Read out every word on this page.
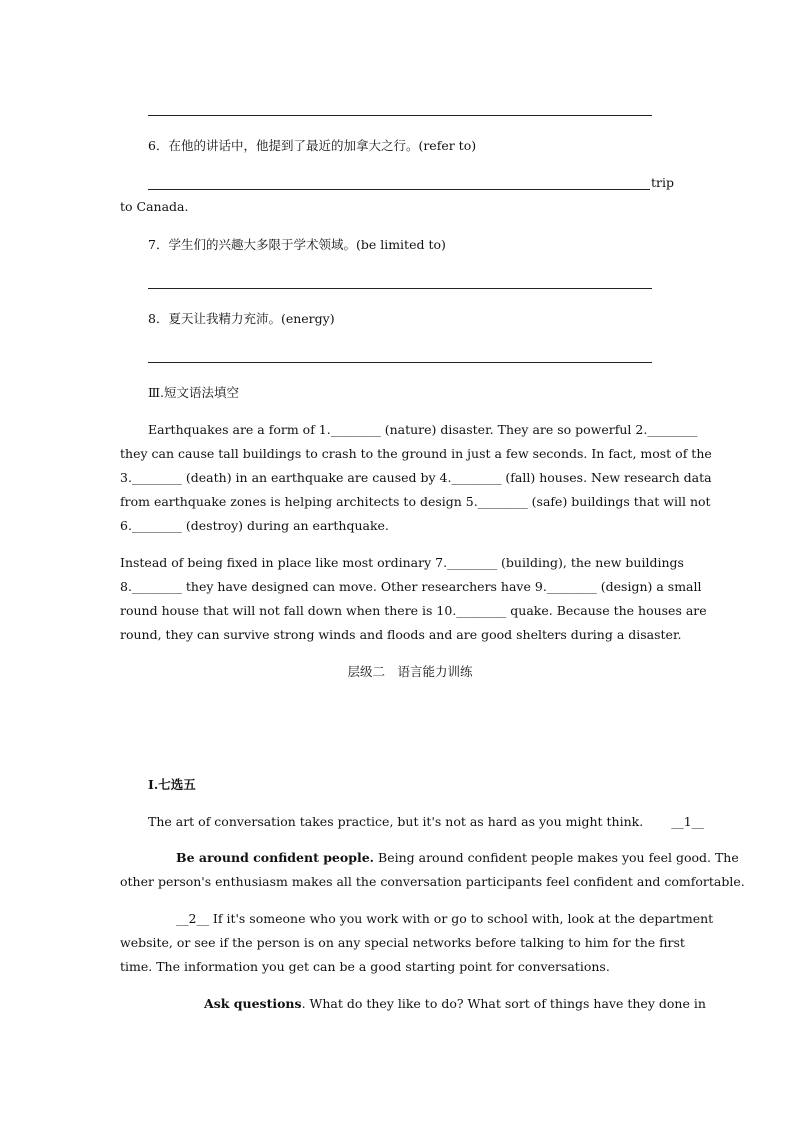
6．在他的讲话中，他提到了最近的加拿大之行。(refer to)
trip
to Canada.
7．学生们的兴趣大多限于学术领域。(be limited to)
8．夏天让我精力充沛。(energy)
Ⅲ.短文语法填空
Earthquakes are a form of 1.________ (nature) disaster. They are so powerful 2.________
they can cause tall buildings to crash to the ground in just a few seconds. In fact, most of the
3.________ (death) in an earthquake are caused by 4.________ (fall) houses. New research data
from earthquake zones is helping architects to design 5.________ (safe) buildings that will not
6.________ (destroy) during an earthquake.
Instead of being fixed in place like most ordinary 7.________ (building), the new buildings
8.________ they have designed can move. Other researchers have 9.________ (design) a small
round house that will not fall down when there is 10.________ quake. Because the houses are
round, they can survive strong winds and floods and are good shelters during a disaster.
层级二　语言能力训练
Ⅰ.七选五
The art of conversation takes practice, but it's not as hard as you might think. __1__
Be around confident people. Being around confident people makes you feel good. The
other person's enthusiasm makes all the conversation participants feel confident and comfortable.
__2__ If it's someone who you work with or go to school with, look at the department
website, or see if the person is on any special networks before talking to him for the first
time. The information you get can be a good starting point for conversations.
Ask questions. What do they like to do? What sort of things have they done in
